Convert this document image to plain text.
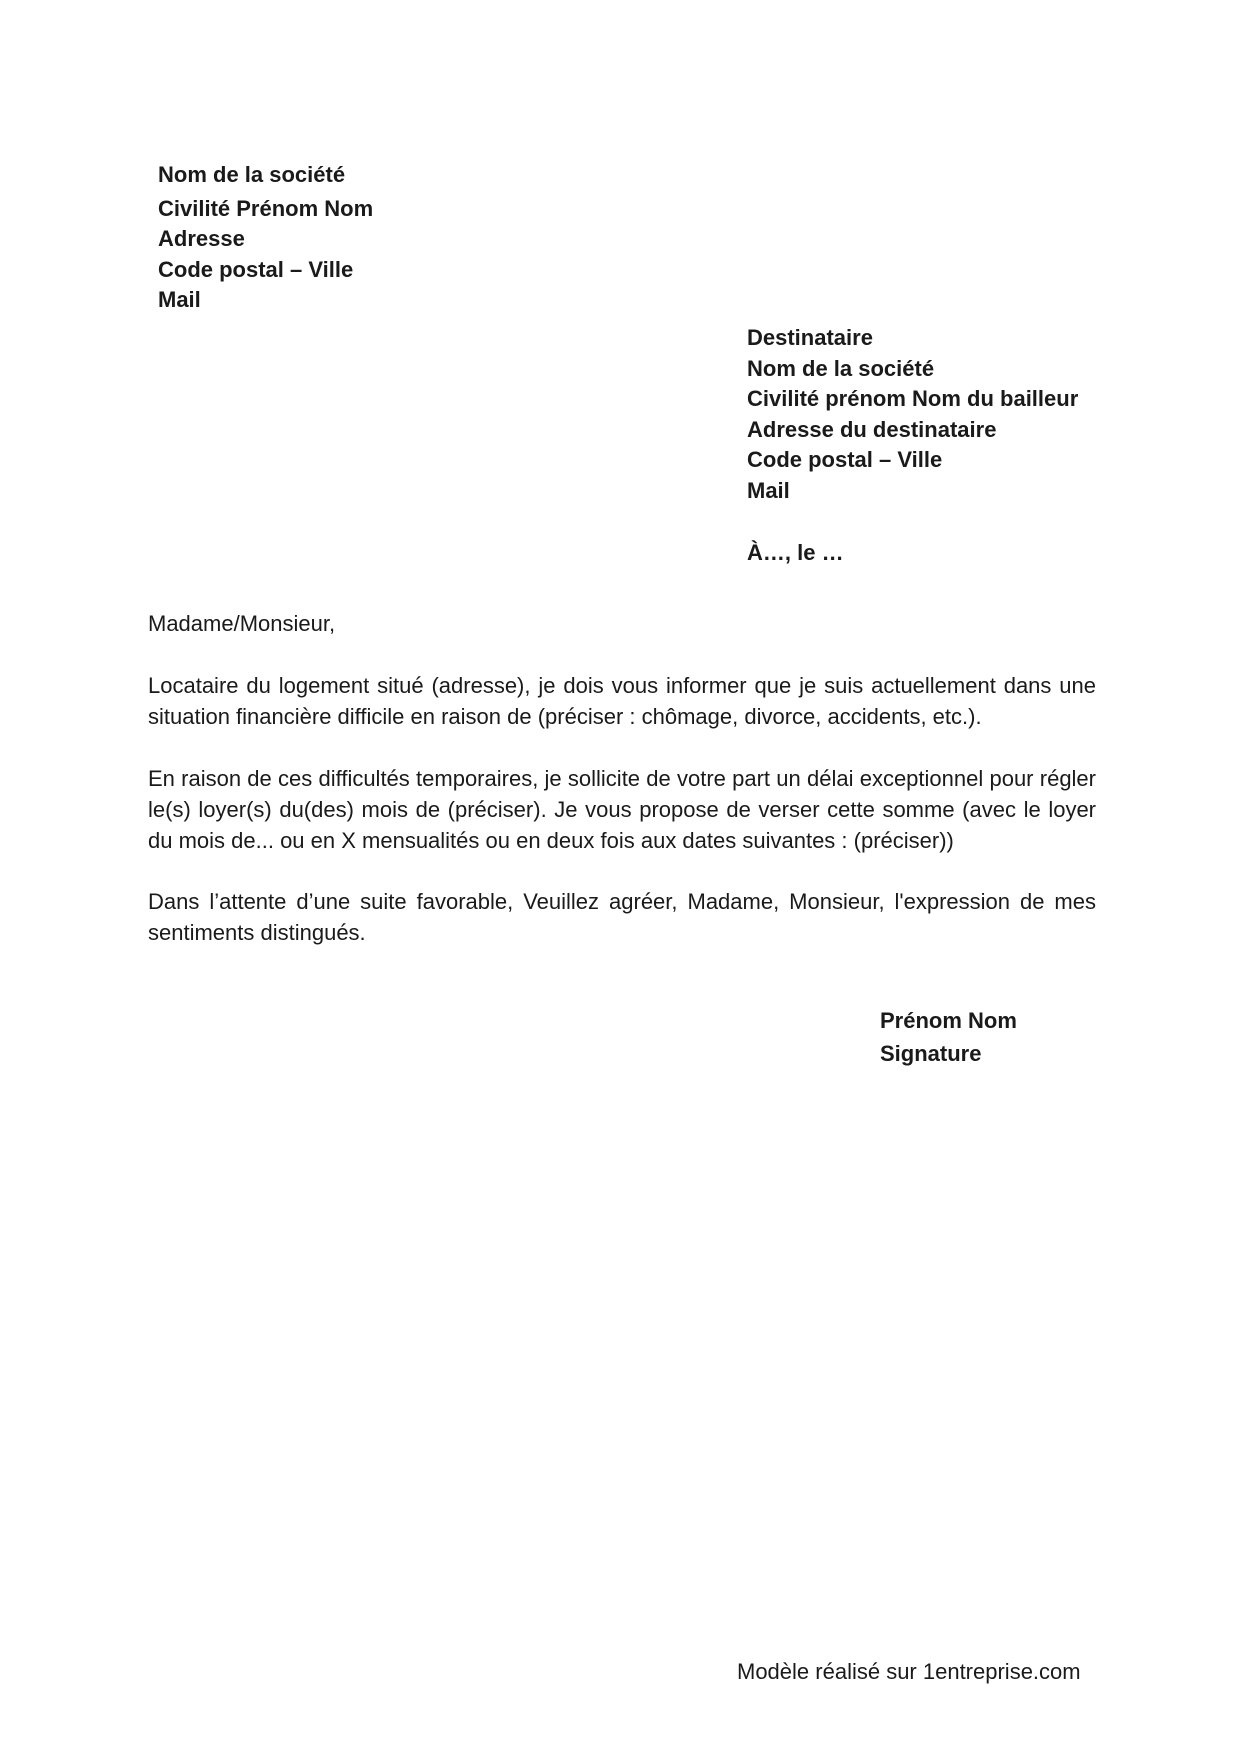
Nom de la société
Civilité Prénom Nom
Adresse
Code postal – Ville
Mail
Destinataire
Nom de la société
Civilité prénom Nom du bailleur
Adresse du destinataire
Code postal – Ville
Mail
À…, le …

Madame/Monsieur,

Locataire du logement situé (adresse), je dois vous informer que je suis actuellement dans une situation financière difficile en raison de (préciser : chômage, divorce, accidents, etc.).

En raison de ces difficultés temporaires, je sollicite de votre part un délai exceptionnel pour régler le(s) loyer(s) du(des) mois de (préciser). Je vous propose de verser cette somme (avec le loyer du mois de... ou en X mensualités ou en deux fois aux dates suivantes : (préciser))

Dans l’attente d’une suite favorable, Veuillez agréer, Madame, Monsieur, l'expression de mes sentiments distingués.

Prénom Nom
Signature
Modèle réalisé sur 1entreprise.com
